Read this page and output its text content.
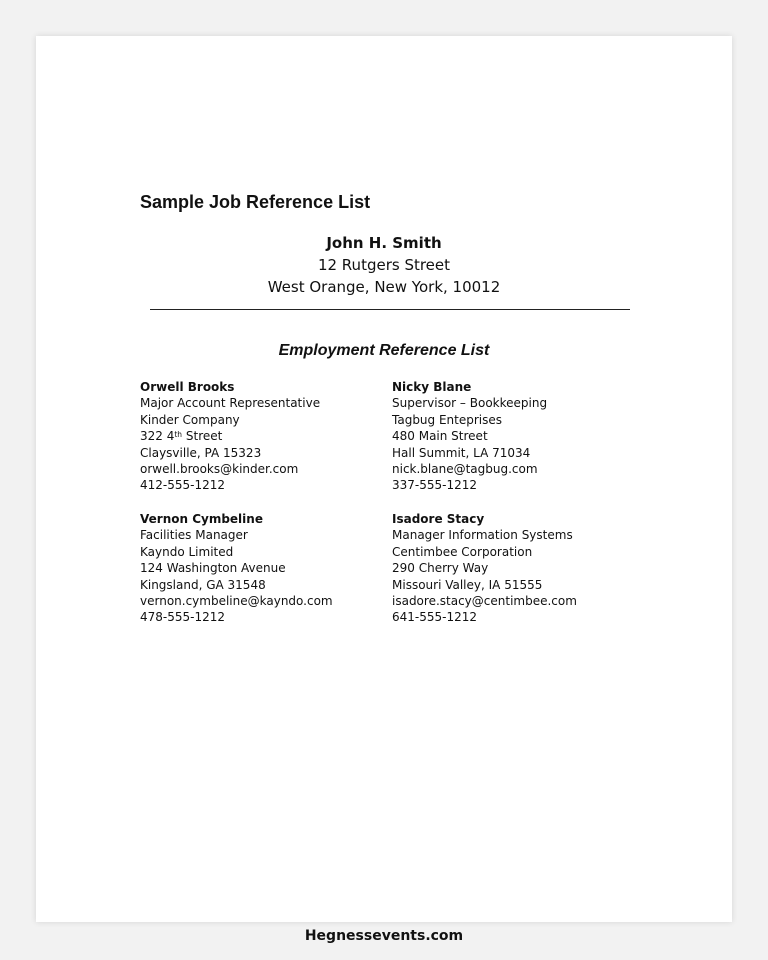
Sample Job Reference List
John H. Smith
12 Rutgers Street
West Orange, New York, 10012
Employment Reference List
Orwell Brooks
Major Account Representative
Kinder Company
322 4th Street
Claysville, PA 15323
orwell.brooks@kinder.com
412-555-1212
Nicky Blane
Supervisor – Bookkeeping
Tagbug Enteprises
480 Main Street
Hall Summit, LA 71034
nick.blane@tagbug.com
337-555-1212
Vernon Cymbeline
Facilities Manager
Kayndo Limited
124 Washington Avenue
Kingsland, GA 31548
vernon.cymbeline@kayndo.com
478-555-1212
Isadore Stacy
Manager Information Systems
Centimbee Corporation
290 Cherry Way
Missouri Valley, IA 51555
isadore.stacy@centimbee.com
641-555-1212
Hegnessevents.com
